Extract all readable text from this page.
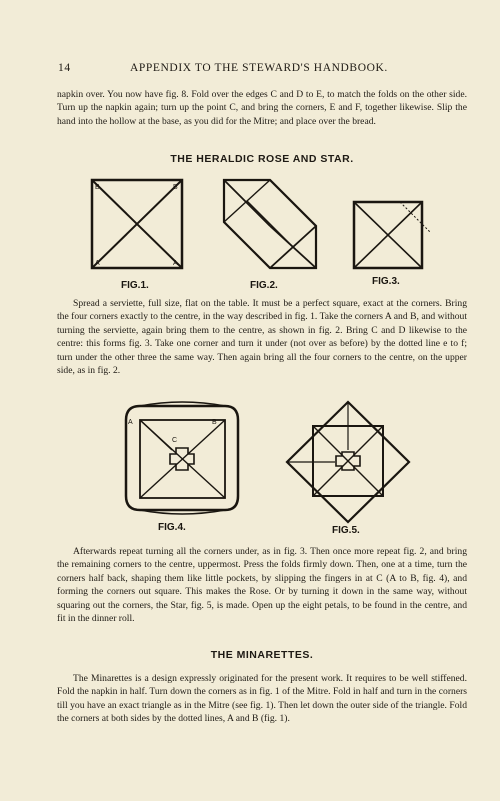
14	APPENDIX TO THE STEWARD'S HANDBOOK.

napkin over. You now have fig. 8. Fold over the edges C and D to E, to match the folds on the other side. Turn up the napkin again; turn up the point C, and bring the corners, E and F, together likewise. Slip the hand into the hollow at the base, as you did for the Mitre; and place over the bread.

THE HERALDIC ROSE AND STAR.
B	B
A	A
FIG.1.	FIG.2.	FIG.3.

Spread a serviette, full size, flat on the table. It must be a perfect square, exact at the corners. Bring the four corners exactly to the centre, in the way described in fig. 1. Take the corners A and B, and without turning the serviette, again bring them to the centre, as shown in fig. 2. Bring C and D likewise to the centre: this forms fig. 3. Take one corner and turn it under (not over as before) by the dotted line e to f; turn under the other three the same way. Then again bring all the four corners to the centre, on the upper side, as in fig. 2.

A
C
B
FIG.4.	FIG.5.

Afterwards repeat turning all the corners under, as in fig. 3. Then once more repeat fig. 2, and bring the remaining corners to the centre, uppermost. Press the folds firmly down. Then, one at a time, turn the corners half back, shaping them like little pockets, by slipping the fingers in at C (A to B, fig. 4), and forming the corners out square. This makes the Rose. Or by turning it down in the same way, without squaring out the corners, the Star, fig. 5, is made. Open up the eight petals, to be found in the centre, and fit in the dinner roll.

THE MINARETTES.

The Minarettes is a design expressly originated for the present work. It requires to be well stiffened. Fold the napkin in half. Turn down the corners as in fig. 1 of the Mitre. Fold in half and turn in the corners till you have an exact triangle as in the Mitre (see fig. 1). Then let down the outer side of the triangle. Fold the corners at both sides by the dotted lines, A and B (fig. 1).
